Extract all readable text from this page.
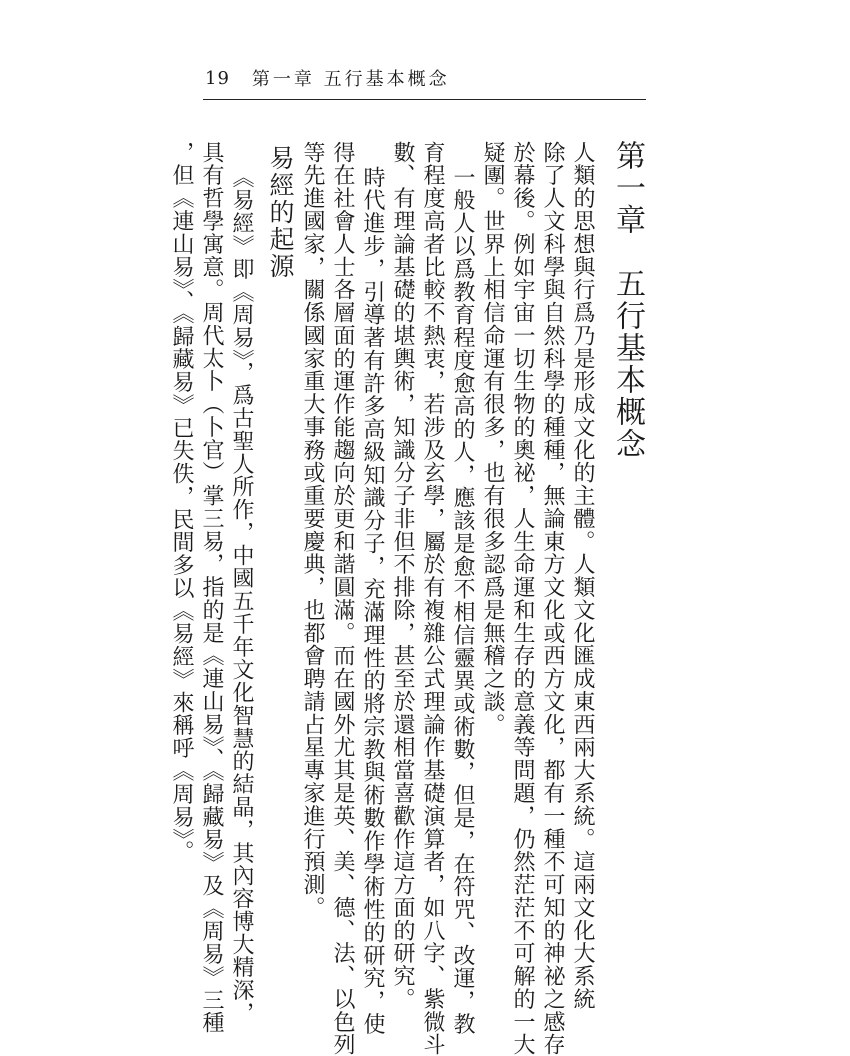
19 第一章 五行基本概念
第一章　五行基本概念
人類的思想與行爲乃是形成文化的主體。人類文化匯成東西兩大系統。這兩文化大系統
除了人文科學與自然科學的種種，無論東方文化或西方文化，都有一種不可知的神祕之感存
於幕後。例如宇宙一切生物的奧祕，人生命運和生存的意義等問題，仍然茫茫不可解的一大
疑團。世界上相信命運有很多，也有很多認爲是無稽之談。
一般人以爲教育程度愈高的人，應該是愈不相信靈異或術數，但是，在符咒、改運，教
育程度高者比較不熱衷，若涉及玄學，屬於有複雜公式理論作基礎演算者，如八字、紫微斗
數、有理論基礎的堪輿術，知識分子非但不排除，甚至於還相當喜歡作這方面的研究。
時代進步，引導著有許多高級知識分子，充滿理性的將宗教與術數作學術性的研究，使
得在社會人士各層面的運作能趨向於更和諧圓滿。而在國外尤其是英、美、德、法、以色列
等先進國家，關係國家重大事務或重要慶典，也都會聘請占星專家進行預測。
易經的起源
《易經》即《周易》，爲古聖人所作，中國五千年文化智慧的結晶，其內容博大精深，
具有哲學寓意。周代太卜（卜官）掌三易，指的是《連山易》、《歸藏易》及《周易》三種
，但《連山易》、《歸藏易》已失佚，民間多以《易經》來稱呼《周易》。
